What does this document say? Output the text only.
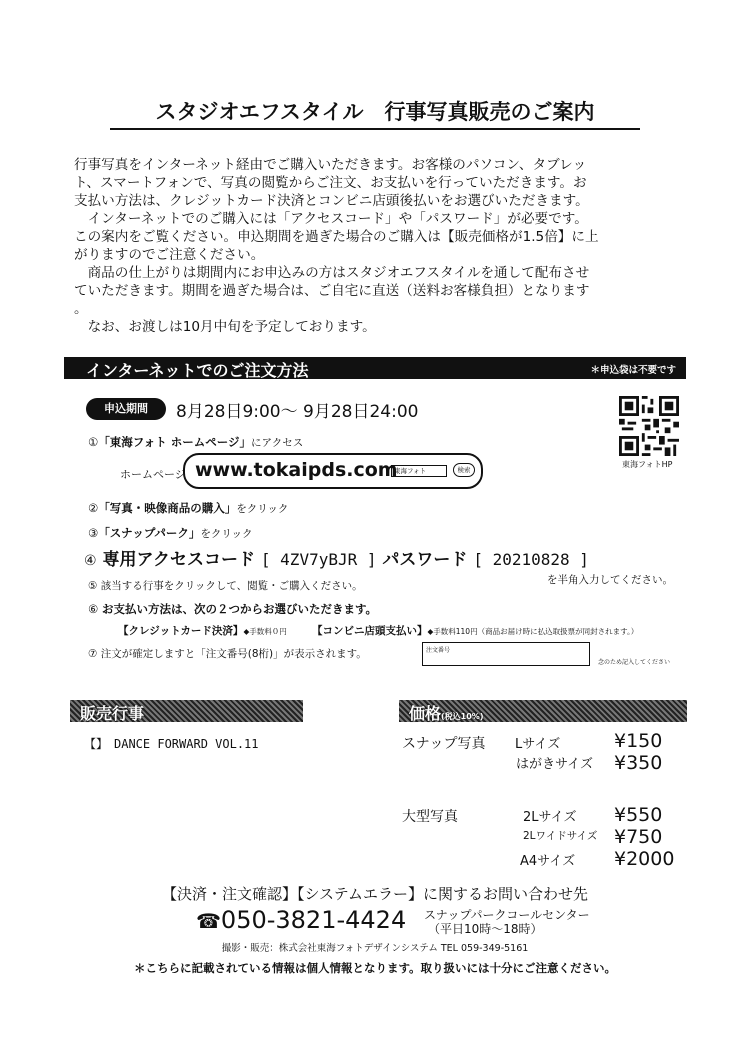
スタジオエフスタイル　行事写真販売のご案内

行事写真をインターネット経由でご購入いただきます。お客様のパソコン、タブレッ

ト、スマートフォンで、写真の閲覧からご注文、お支払いを行っていただきます。お

支払い方法は、クレジットカード決済とコンビニ店頭後払いをお選びいただきます。

　インターネットでのご購入には「アクセスコード」や「パスワード」が必要です。

この案内をご覧ください。申込期間を過ぎた場合のご購入は【販売価格が1.5倍】に上

がりますのでご注意ください。

　商品の仕上がりは期間内にお申込みの方はスタジオエフスタイルを通して配布させ

ていただきます。期間を過ぎた場合は、ご自宅に直送（送料お客様負担）となります

。

　なお、お渡しは10月中旬を予定しております。

インターネットでのご注文方法	＊申込袋は不要です
申込期間	8月28日9:00～ 9月28日24:00
東海フォトHP
①「東海フォト ホームページ」にアクセス
ホームページ www.tokaipds.com
東海フォト	検索
②「写真・映像商品の購入」をクリック
③「スナップパーク」をクリック
④ 専用アクセスコード [ 4ZV7yBJR ] パスワード [ 20210828 ]
を半角入力してください。
⑤ 該当する行事をクリックして、閲覧・ご購入ください。
⑥ お支払い方法は、次の２つからお選びいただきます。
【クレジットカード決済】◆手数料０円 【コンビニ店頭支払い】◆手数料110円（商品お届け時に払込取扱票が同封されます。）
⑦ 注文が確定しますと「注文番号(8桁)」が表示されます。	注文番号
念のため記入してください
販売行事
【】　DANCE FORWARD VOL.11
価格(税込10%)
スナップ写真 Lサイズ	¥150
はがきサイズ ¥350
大型写真	2Lサイズ ¥550
2Lワイドサイズ ¥750
A4サイズ ¥2000
【決済・注文確認】【システムエラー】に関するお問い合わせ先
☎050-3821-4424 スナップパークコールセンター
（平日10時～18時）
撮影・販売：株式会社東海フォトデザインシステム TEL 059-349-5161
＊こちらに記載されている情報は個人情報となります。取り扱いには十分にご注意ください。
